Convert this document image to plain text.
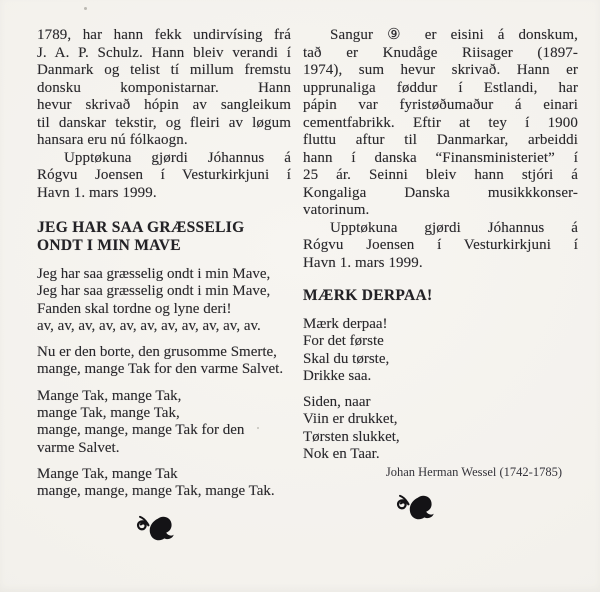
1789, har hann fekk undirvísing frá
J. A. P. Schulz. Hann bleiv verandi í
Danmark og telist tí millum fremstu
donsku komponistarnar. Hann
hevur skrivað hópin av sangleikum
til danskar tekstir, og fleiri av løgum
hansara eru nú fólkaogn.
Upptøkuna gjørdi Jóhannus á
Rógvu Joensen í Vesturkirkjuni í
Havn 1. mars 1999.
JEG HAR SAA GRÆSSELIG
ONDT I MIN MAVE
Jeg har saa græsselig ondt i min Mave,
Jeg har saa græsselig ondt i min Mave,
Fanden skal tordne og lyne deri!
av, av, av, av, av, av, av, av, av, av, av.
Nu er den borte, den grusomme Smerte,
mange, mange Tak for den varme Salvet.
Mange Tak, mange Tak,
mange Tak, mange Tak,
mange, mange, mange Tak for den
varme Salvet.
Mange Tak, mange Tak
mange, mange, mange Tak, mange Tak.
Sangur ⑨ er eisini á donskum,
tað er Knudåge Riisager (1897-
1974), sum hevur skrivað. Hann er
upprunaliga føddur í Estlandi, har
pápin var fyristøðumaður á einari
cementfabrikk. Eftir at tey í 1900
fluttu aftur til Danmarkar, arbeiddi
hann í danska “Finansministeriet” í
25 ár. Seinni bleiv hann stjóri á
Kongaliga Danska musikkkonser-
vatorinum.
Upptøkuna gjørdi Jóhannus á
Rógvu Joensen í Vesturkirkjuni í
Havn 1. mars 1999.
MÆRK DERPAA!
Mærk derpaa!
For det første
Skal du tørste,
Drikke saa.
Siden, naar
Viin er drukket,
Tørsten slukket,
Nok en Taar.
Johan Herman Wessel (1742-1785)
